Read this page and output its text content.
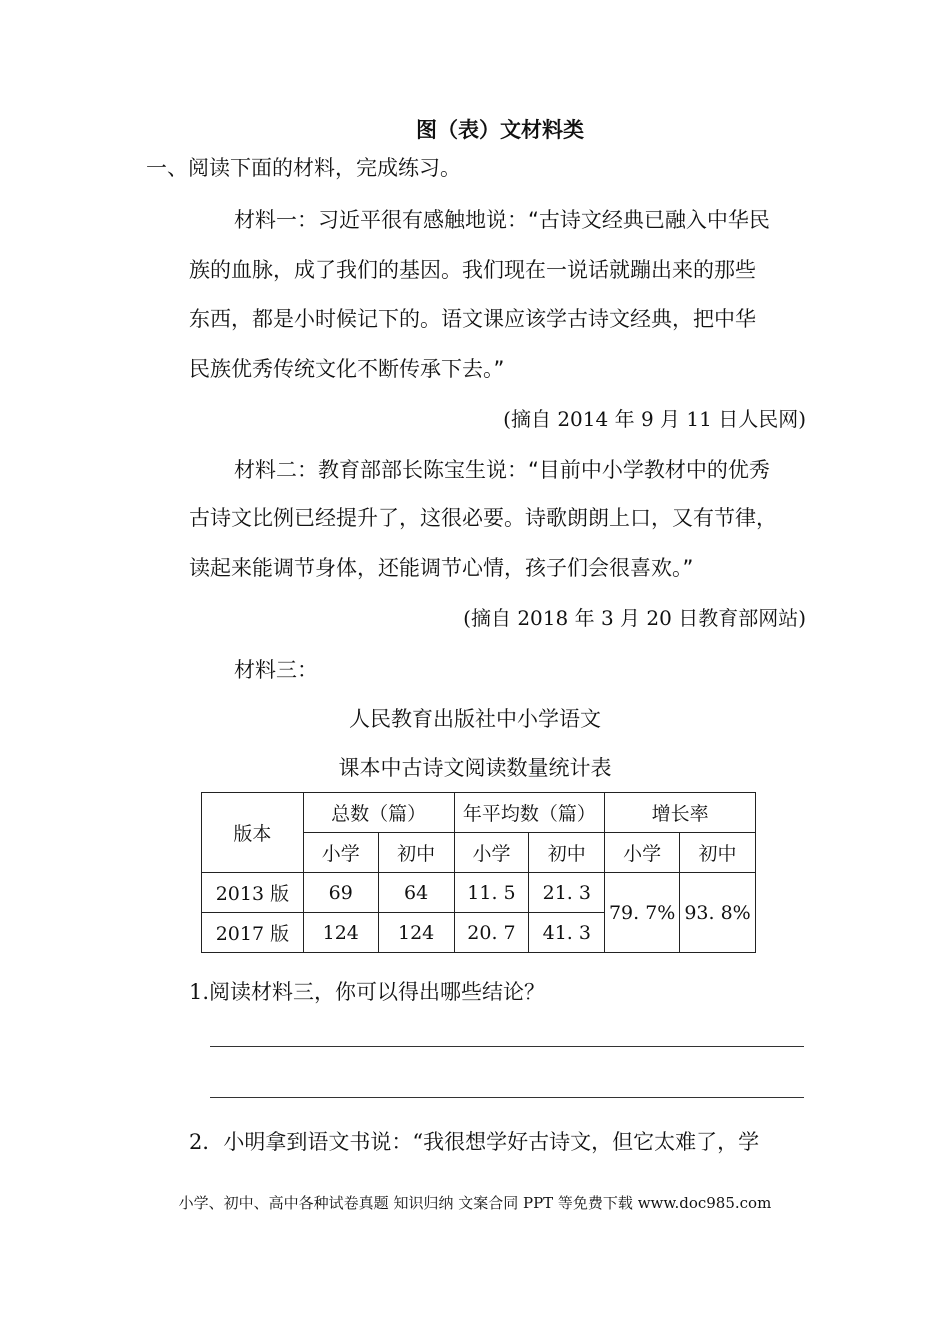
图（表）文材料类
一、阅读下面的材料，完成练习。
材料一：习近平很有感触地说：“古诗文经典已融入中华民
族的血脉，成了我们的基因。我们现在一说话就蹦出来的那些
东西，都是小时候记下的。语文课应该学古诗文经典，把中华
民族优秀传统文化不断传承下去。”
(摘自 2014 年 9 月 11 日人民网)
材料二：教育部部长陈宝生说：“目前中小学教材中的优秀
古诗文比例已经提升了，这很必要。诗歌朗朗上口，又有节律，
读起来能调节身体，还能调节心情，孩子们会很喜欢。”
(摘自 2018 年 3 月 20 日教育部网站)
材料三：
人民教育出版社中小学语文
课本中古诗文阅读数量统计表
版本	总数（篇）		年平均数（篇）		增长率	
	小学	初中	小学	初中	小学	初中
2013 版	69	64	11. 5	21. 3	79. 7%	93. 8%
2017 版	124	124	20. 7	41. 3		
1.阅读材料三，你可以得出哪些结论？
2．小明拿到语文书说：“我很想学好古诗文，但它太难了，学
小学、初中、高中各种试卷真题 知识归纳 文案合同 PPT 等免费下载 www.doc985.com
